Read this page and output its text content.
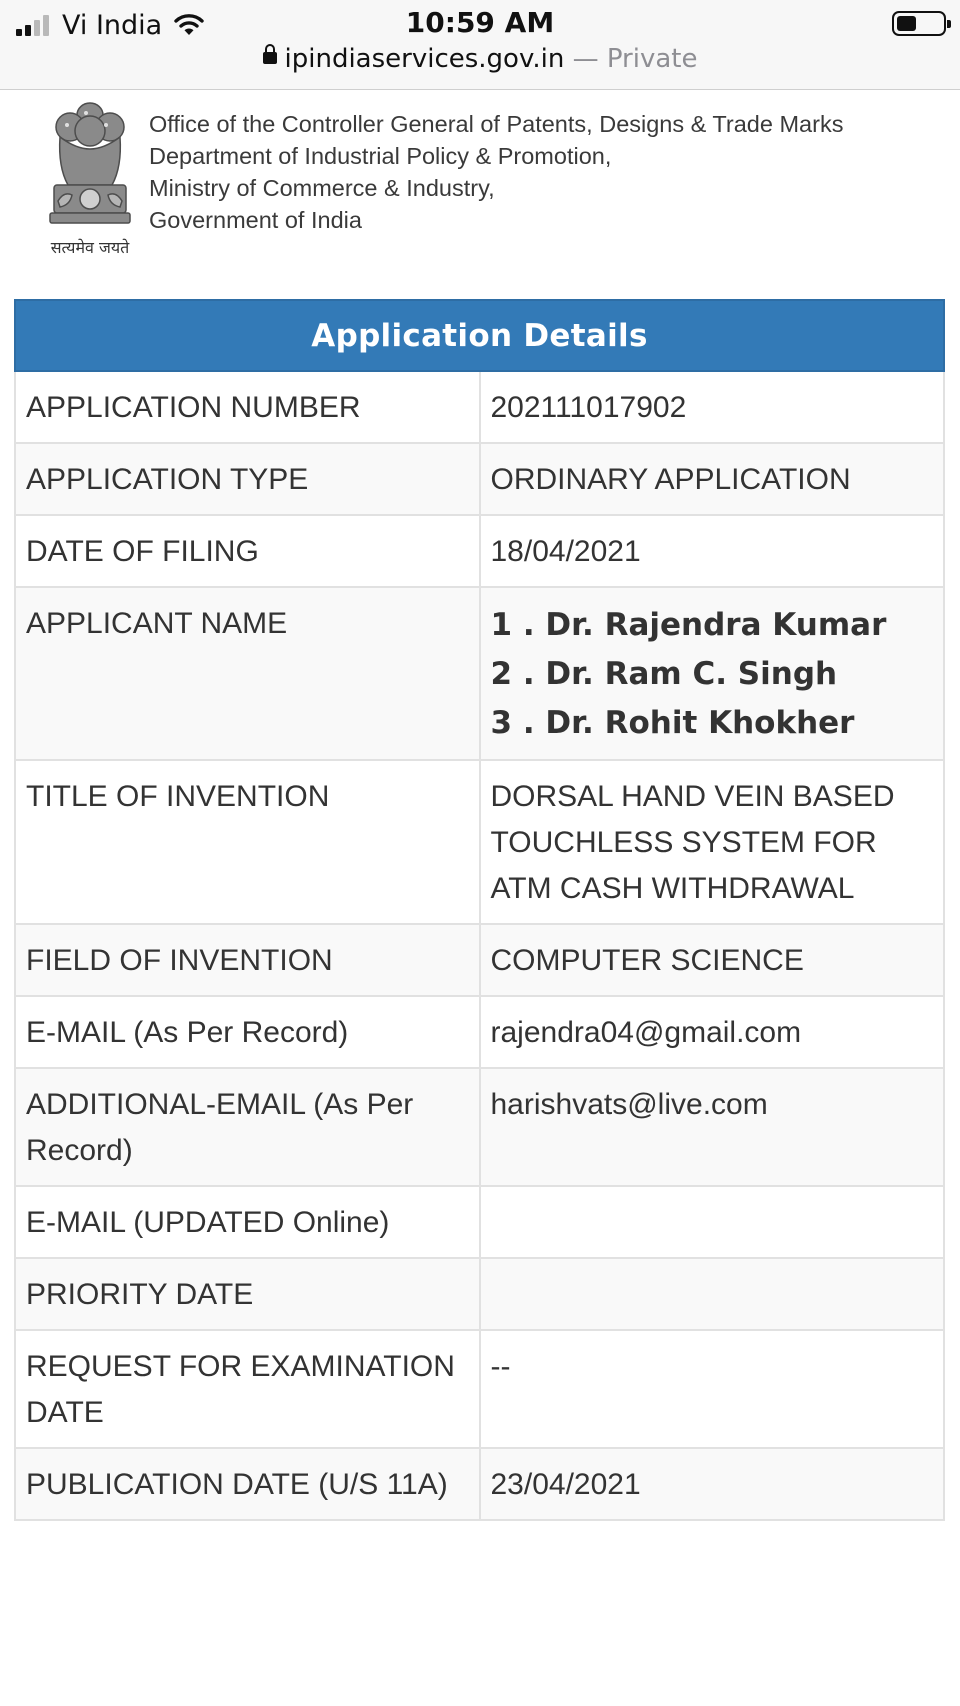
Vi India	10:59 AM
ipindiaservices.gov.in — Private
सत्यमेव जयते
Office of the Controller General of Patents, Designs & Trade Marks
Department of Industrial Policy & Promotion,
Ministry of Commerce & Industry,
Government of India
Application Details	
APPLICATION NUMBER	202111017902
APPLICATION TYPE	ORDINARY APPLICATION
DATE OF FILING	18/04/2021
APPLICANT NAME	1 . Dr. Rajendra Kumar
2 . Dr. Ram C. Singh
3 . Dr. Rohit Khokher

TITLE OF INVENTION	DORSAL HAND VEIN BASED TOUCHLESS SYSTEM FOR ATM CASH WITHDRAWAL
FIELD OF INVENTION	COMPUTER SCIENCE
E-MAIL (As Per Record)	rajendra04@gmail.com
ADDITIONAL-EMAIL (As Per Record)	harishvats@live.com
E-MAIL (UPDATED Online)	
PRIORITY DATE	
REQUEST FOR EXAMINATION DATE	--
PUBLICATION DATE (U/S 11A)	23/04/2021
